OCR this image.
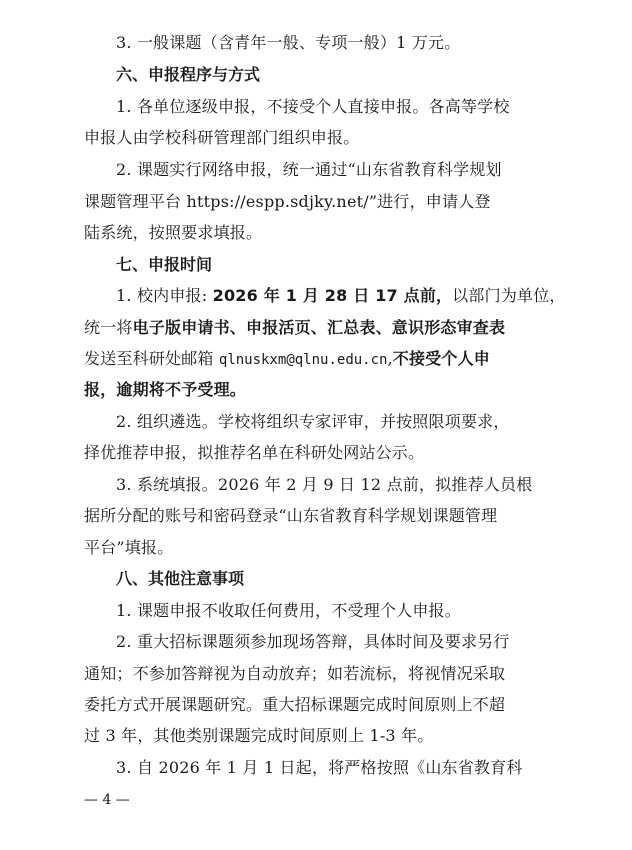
3. 一般课题（含青年一般、专项一般）1 万元。
六、申报程序与方式
1. 各单位逐级申报，不接受个人直接申报。各高等学校
申报人由学校科研管理部门组织申报。
2. 课题实行网络申报，统一通过“山东省教育科学规划
课题管理平台 https://espp.sdjky.net/”进行，申请人登
陆系统，按照要求填报。
七、申报时间
1. 校内申报: 2026 年 1 月 28 日 17 点前，以部门为单位，
统一将电子版申请书、申报活页、汇总表、意识形态审查表
发送至科研处邮箱 qlnuskxm@qlnu.edu.cn,不接受个人申
报，逾期将不予受理。
2. 组织遴选。学校将组织专家评审，并按照限项要求，
择优推荐申报，拟推荐名单在科研处网站公示。
3. 系统填报。2026 年 2 月 9 日 12 点前，拟推荐人员根
据所分配的账号和密码登录“山东省教育科学规划课题管理
平台”填报。
八、其他注意事项
1. 课题申报不收取任何费用，不受理个人申报。
2. 重大招标课题须参加现场答辩，具体时间及要求另行
通知；不参加答辩视为自动放弃；如若流标，将视情况采取
委托方式开展课题研究。重大招标课题完成时间原则上不超
过 3 年，其他类别课题完成时间原则上 1-3 年。
3. 自 2026 年 1 月 1 日起，将严格按照《山东省教育科
— 4 —
